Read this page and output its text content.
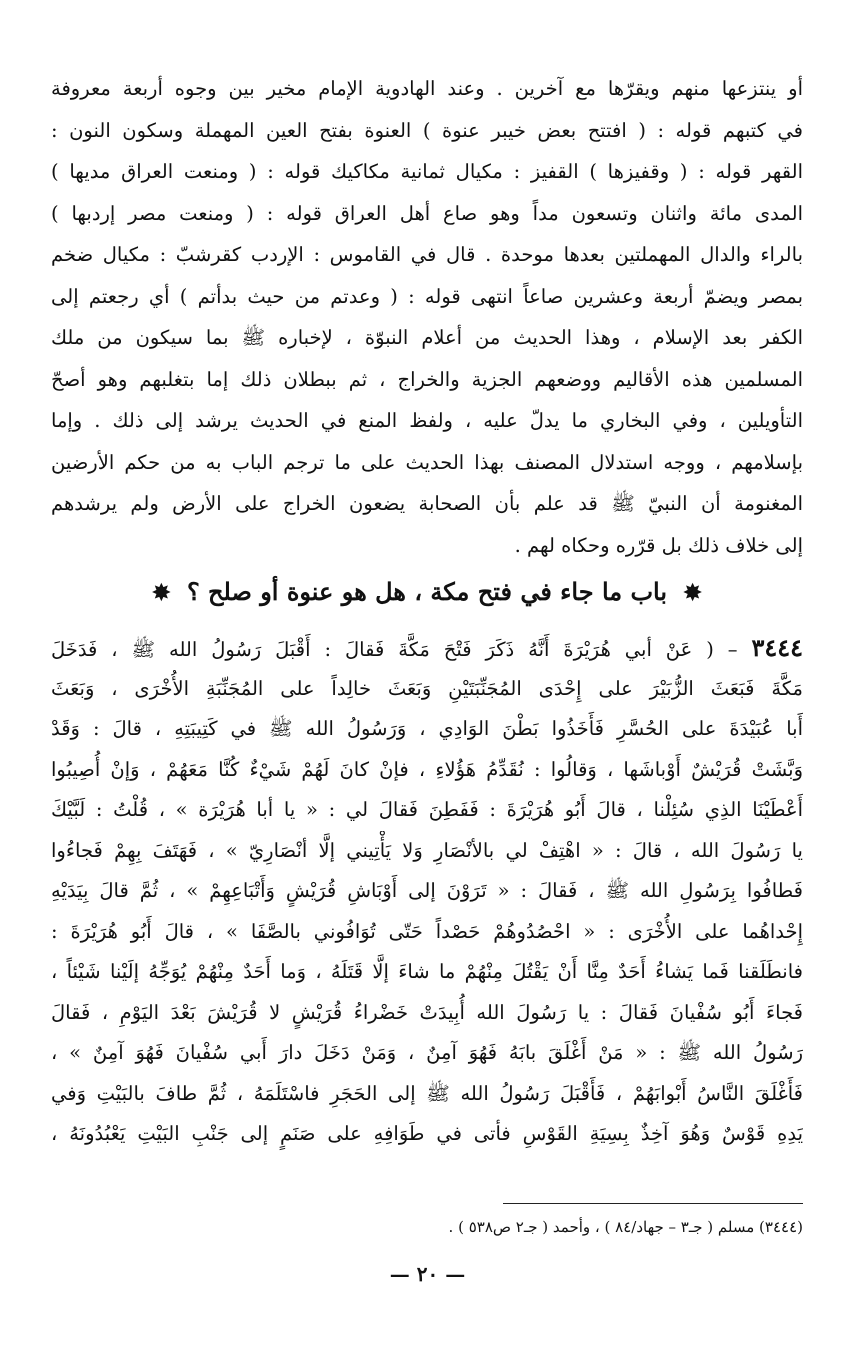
أو ينتزعها منهم ويقرّها مع آخرين . وعند الهادوية الإمام مخير بين وجوه أربعة معروفة
في كتبهم قوله : ( افتتح بعض خيبر عنوة ) العنوة بفتح العين المهملة وسكون النون :
القهر قوله : ( وقفيزها ) القفيز : مكيال ثمانية مكاكيك قوله : ( ومنعت العراق مديها )
المدى مائة واثنان وتسعون مداً وهو صاع أهل العراق قوله : ( ومنعت مصر إردبها )
بالراء والدال المهملتين بعدها موحدة . قال في القاموس : الإردب كقرشبّ : مكيال ضخم
بمصر ويضمّ أربعة وعشرين صاعاً انتهى قوله : ( وعدتم من حيث بدأتم ) أي رجعتم إلى
الكفر بعد الإسلام ، وهذا الحديث من أعلام النبوّة ، لإخباره ﷺ بما سيكون من ملك
المسلمين هذه الأقاليم ووضعهم الجزية والخراج ، ثم ببطلان ذلك إما بتغلبهم وهو أصحّ
التأويلين ، وفي البخاري ما يدلّ عليه ، ولفظ المنع في الحديث يرشد إلى ذلك . وإما
بإسلامهم ، ووجه استدلال المصنف بهذا الحديث على ما ترجم الباب به من حكم الأرضين
المغنومة أن النبيّ ﷺ قد علم بأن الصحابة يضعون الخراج على الأرض ولم يرشدهم
إلى خلاف ذلك بل قرّره وحكاه لهم .
✸ باب ما جاء في فتح مكة ، هل هو عنوة أو صلح ؟ ✸
٣٤٤٤ – ( عَنْ أبي هُرَيْرَةَ أَنَّهُ ذَكَرَ فَتْحَ مَكَّةَ فَقالَ : أَقْبَلَ رَسُولُ الله ﷺ ، فَدَخَلَ
مَكَّةَ فَبَعَثَ الزُّبَيْرَ على إِحْدَى المُجَنِّبَتَيْنِ وَبَعَثَ خالِداً على المُجَنِّبَةِ الأُخْرَى ، وَبَعَثَ
أَبا عُبَيْدَةَ على الحُسَّرِ فَأَخَذُوا بَطْنَ الوَادِي ، وَرَسُولُ الله ﷺ في كَتِيبَتِهِ ، قالَ : وَقَدْ
وَبَّشَتْ قُرَيْشٌ أَوْباشَها ، وَقالُوا : نُقَدِّمُ هَؤُلاءِ ، فإنْ كانَ لَهُمْ شَيْءٌ كُنَّا مَعَهُمْ ، وَإنْ أُصِيبُوا
أَعْطَيْنَا الذِي سُئِلْنا ، قالَ أَبُو هُرَيْرَةَ : فَفَطِنَ فَقالَ لي : « يا أبا هُرَيْرَة » ، قُلْتُ : لَبَّيْكَ
يا رَسُولَ الله ، قالَ : « اهْتِفْ لي بالأنْصَارِ وَلا يَأْتِيني إلَّا أنْصَارِيّ » ، فَهَتَفَ بِهِمْ فَجاءُوا
فَطافُوا بِرَسُولِ الله ﷺ ، فَقالَ : « تَرَوْنَ إلى أَوْبَاشِ قُرَيْشٍ وَأَتْبَاعِهِمْ » ، ثُمَّ قالَ بِيَدَيْهِ
إِحْداهُما على الأُخْرَى : « احْصُدُوهُمْ حَصْداً حَتّى تُوَافُوني بالصَّفَا » ، قالَ أَبُو هُرَيْرَةَ :
فانطَلَقنا فَما يَشاءُ أَحَدٌ مِنَّا أَنْ يَقْتُلَ مِنْهُمْ ما شاءَ إلَّا قَتَلَهُ ، وَما أَحَدٌ مِنْهُمْ يُوَجِّهُ إلَيْنا شَيْئاً ،
فَجاءَ أَبُو سُفْيانَ فَقالَ : يا رَسُولَ الله أُبِيدَتْ خَضْراءُ قُرَيْشٍ لا قُرَيْشَ بَعْدَ اليَوْمِ ، فَقالَ
رَسُولُ الله ﷺ : « مَنْ أَغْلَقَ بابَهُ فَهُوَ آمِنٌ ، وَمَنْ دَخَلَ دارَ أَبي سُفْيانَ فَهُوَ آمِنٌ » ،
فَأَغْلَقَ النَّاسُ أَبْوابَهُمْ ، فَأَقْبَلَ رَسُولُ الله ﷺ إلى الحَجَرِ فاسْتَلَمَهُ ، ثُمَّ طافَ بالبَيْتِ وَفي
يَدِهِ قَوْسٌ وَهُوَ آخِذٌ بِسِيَةِ القَوْسِ فأتى في طَوَافِهِ على صَنَمٍ إلى جَنْبِ البَيْتِ يَعْبُدُونَهُ ،
(٣٤٤٤) مسلم ( جـ٣ – جهاد/٨٤ ) ، وأحمد ( جـ٢ ص٥٣٨ ) .
— ٢٠ —
